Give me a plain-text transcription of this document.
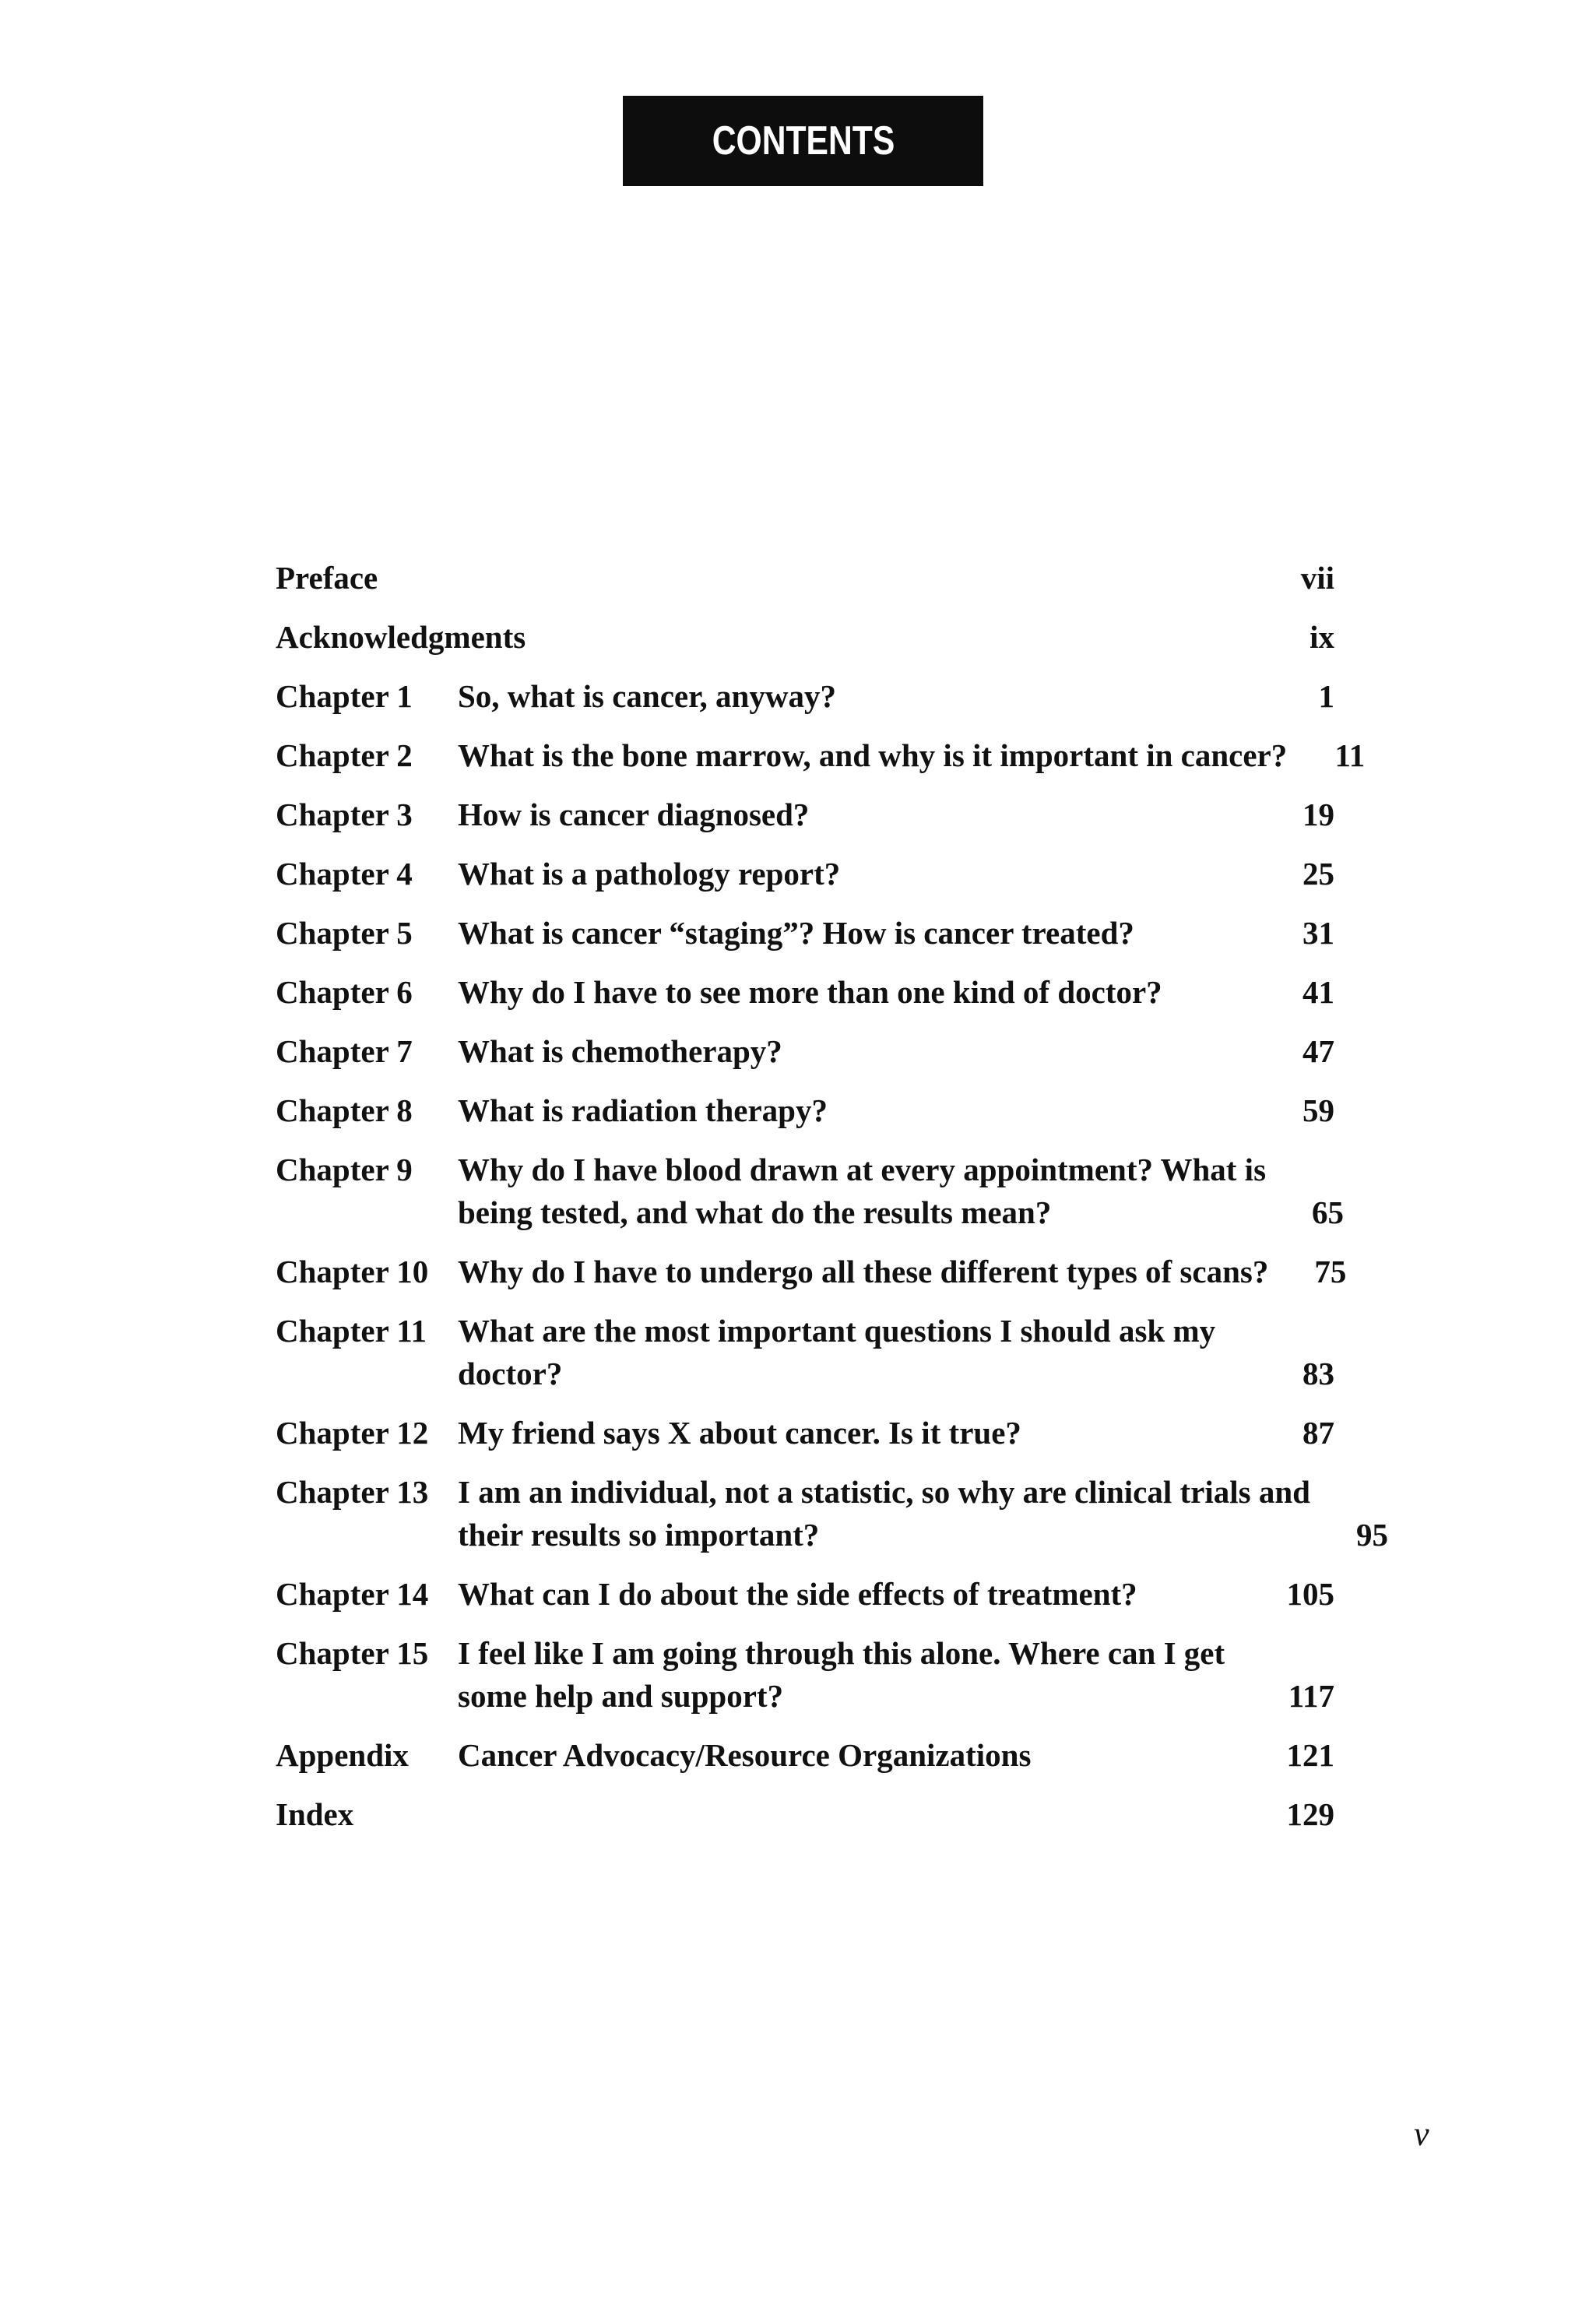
CONTENTS
Preface	vii
Acknowledgments	ix
Chapter 1	So, what is cancer, anyway?	1
Chapter 2	What is the bone marrow, and why is it important in cancer?	11
Chapter 3	How is cancer diagnosed?	19
Chapter 4	What is a pathology report?	25
Chapter 5	What is cancer “staging”? How is cancer treated?	31
Chapter 6	Why do I have to see more than one kind of doctor?	41
Chapter 7	What is chemotherapy?	47
Chapter 8	What is radiation therapy?	59
Chapter 9	Why do I have blood drawn at every appointment? What is
being tested, and what do the results mean?	65
Chapter 10 Why do I have to undergo all these different types of scans?	75
Chapter 11 What are the most important questions I should ask my
doctor?	83
Chapter 12 My friend says X about cancer. Is it true?	87
Chapter 13 I am an individual, not a statistic, so why are clinical trials and
their results so important?	95
Chapter 14 What can I do about the side effects of treatment?	105
Chapter 15 I feel like I am going through this alone. Where can I get
some help and support?	117
Appendix	Cancer Advocacy/Resource Organizations	121
Index	129
v
